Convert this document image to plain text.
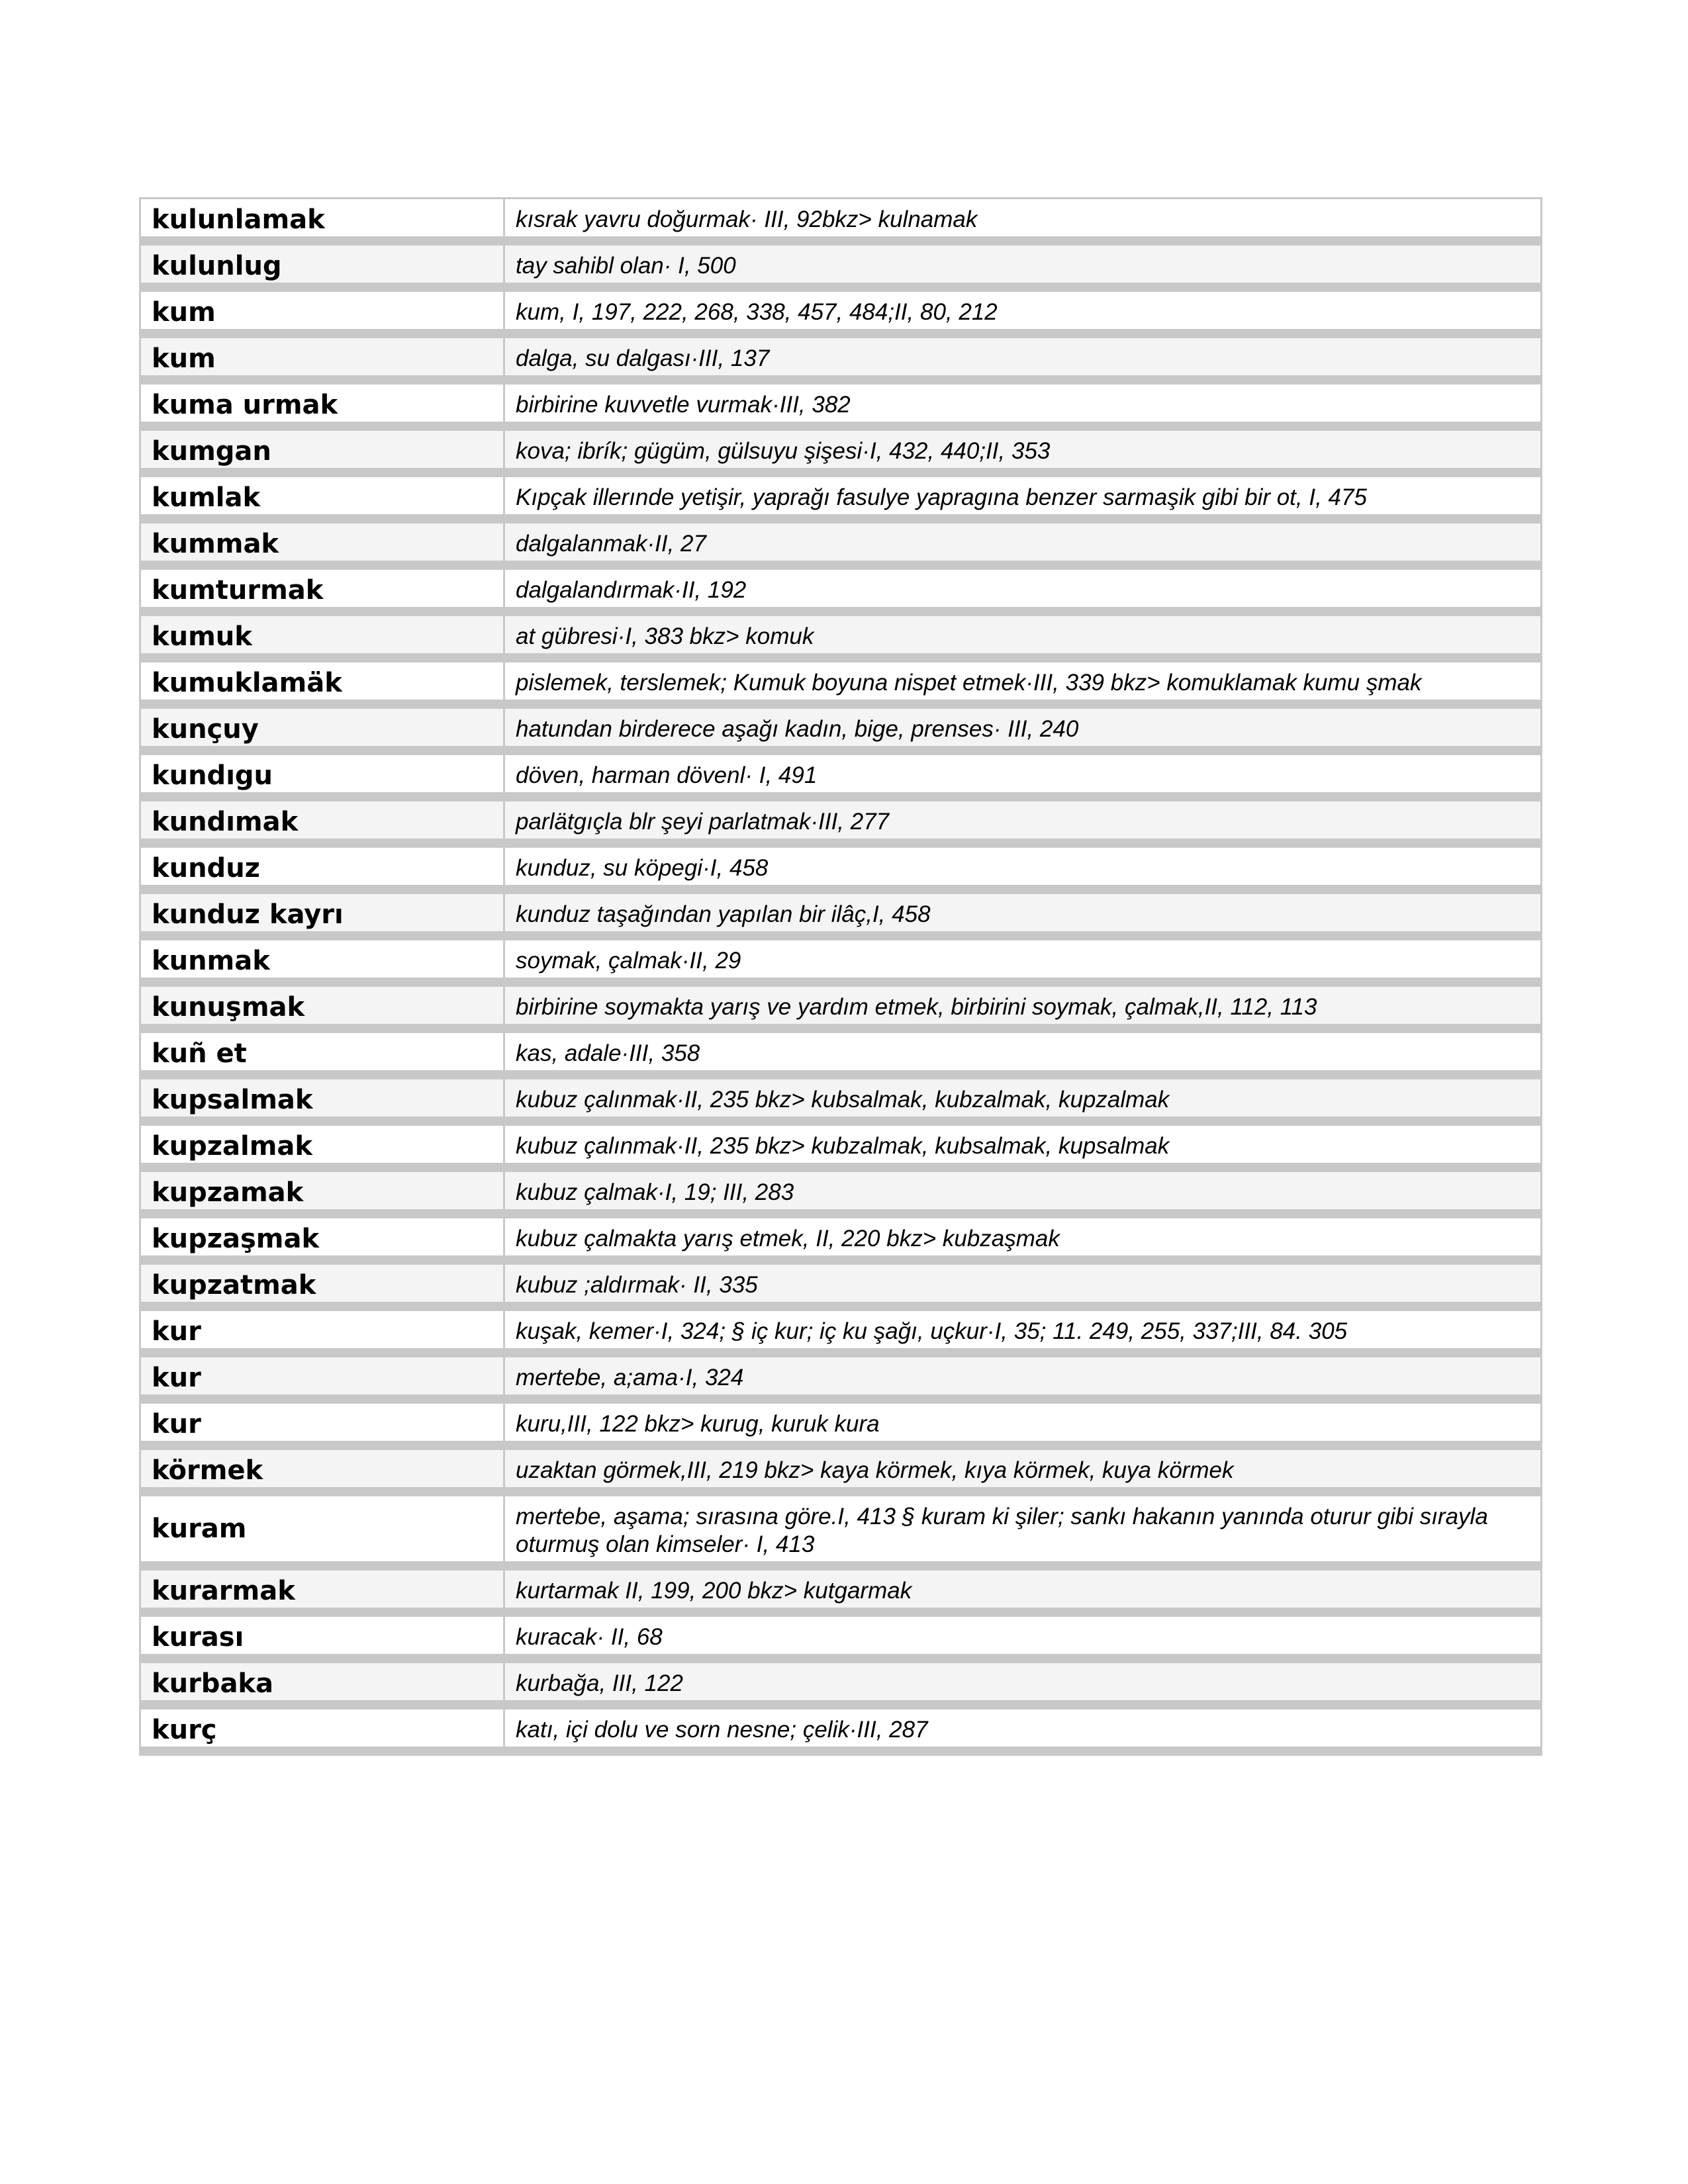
kulunlamak	kısrak yavru doğurmak· III, 92bkz> kulnamak
kulunlug	tay sahibl olan· I, 500
kum	kum, I, 197, 222, 268, 338, 457, 484;II, 80, 212
kum	dalga, su dalgası·III, 137
kuma urmak	birbirine kuvvetle vurmak·III, 382
kumgan	kova; ibrík; gügüm, gülsuyu şişesi·I, 432, 440;II, 353
kumlak	Kıpçak illerınde yetişir, yaprağı fasulye yapragına benzer sarmaşik gibi bir ot, I, 475
kummak	dalgalanmak·II, 27
kumturmak	dalgalandırmak·II, 192
kumuk	at gübresi·I, 383 bkz> komuk
kumuklamäk	pislemek, terslemek; Kumuk boyuna nispet etmek·III, 339 bkz> komuklamak kumu şmak
kunçuy	hatundan birderece aşağı kadın, bige, prenses· III, 240
kundıgu	döven, harman dövenl· I, 491
kundımak	parlätgıçla blr şeyi parlatmak·III, 277
kunduz	kunduz, su köpegi·I, 458
kunduz kayrı	kunduz taşağından yapılan bir ilâç,I, 458
kunmak	soymak, çalmak·II, 29
kunuşmak	birbirine soymakta yarış ve yardım etmek, birbirini soymak, çalmak,II, 112, 113
kuñ et	kas, adale·III, 358
kupsalmak	kubuz çalınmak·II, 235 bkz> kubsalmak, kubzalmak, kupzalmak
kupzalmak	kubuz çalınmak·II, 235 bkz> kubzalmak, kubsalmak, kupsalmak
kupzamak	kubuz çalmak·I, 19; III, 283
kupzaşmak	kubuz çalmakta yarış etmek, II, 220 bkz> kubzaşmak
kupzatmak	kubuz ;aldırmak· II, 335
kur	kuşak, kemer·I, 324; § iç kur; iç ku şağı, uçkur·I, 35; 11. 249, 255, 337;III, 84. 305
kur	mertebe, a;ama·I, 324
kur	kuru,III, 122 bkz> kurug, kuruk kura
körmek	uzaktan görmek,III, 219 bkz> kaya körmek, kıya körmek, kuya körmek
kuram	mertebe, aşama; sırasına göre.I, 413 § kuram ki şiler; sankı hakanın yanında oturur gibi sırayla oturmuş olan kimseler· I, 413
kurarmak	kurtarmak II, 199, 200 bkz> kutgarmak
kurası	kuracak· II, 68
kurbaka	kurbağa, III, 122
kurç	katı, içi dolu ve sorn nesne; çelik·III, 287
